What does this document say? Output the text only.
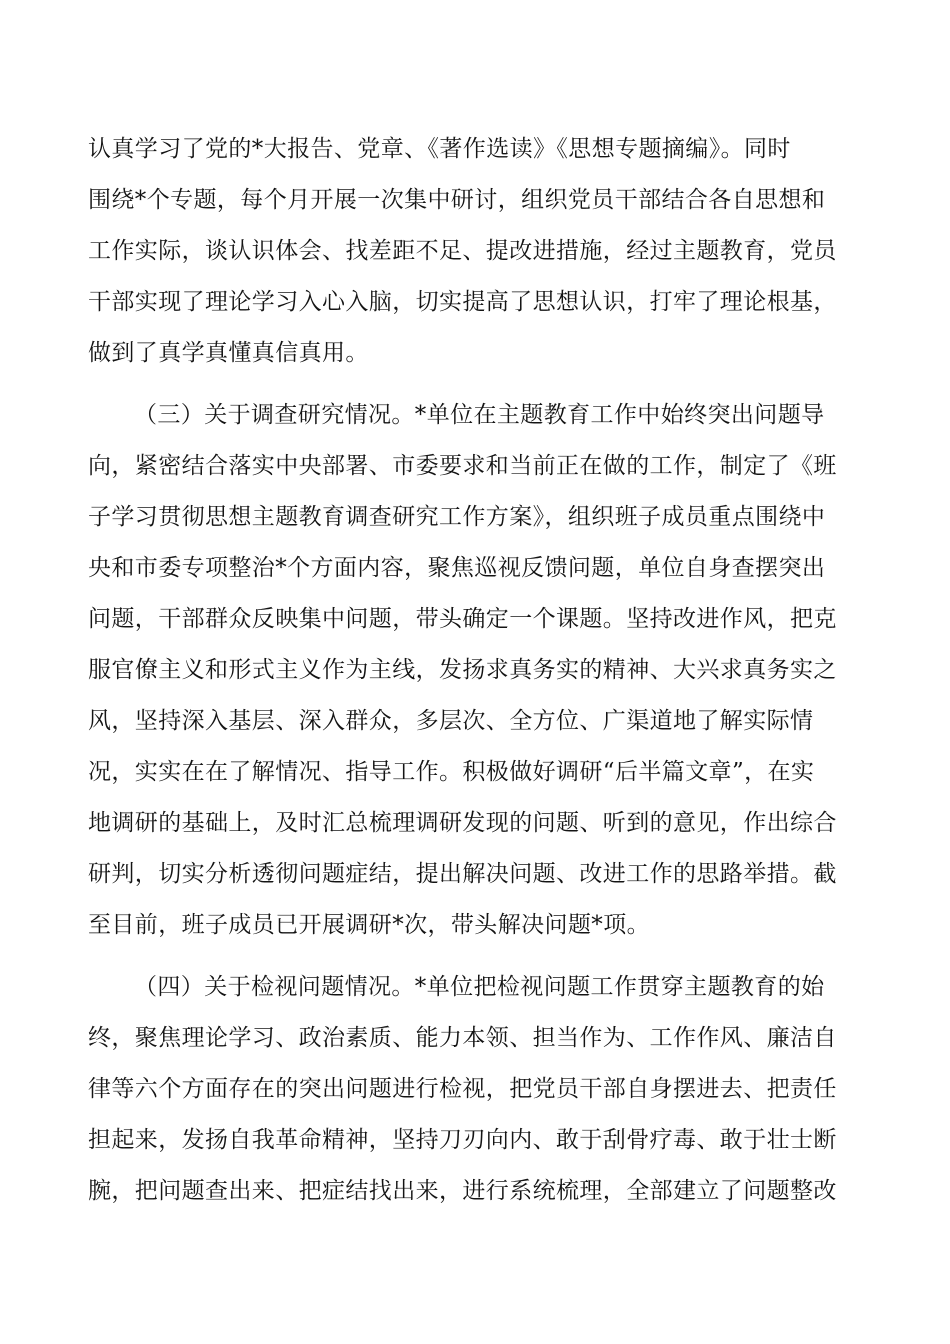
认真学习了党的*大报告、党章、《著作选读》《思想专题摘编》。同时
围绕*个专题，每个月开展一次集中研讨，组织党员干部结合各自思想和
工作实际，谈认识体会、找差距不足、提改进措施，经过主题教育，党员
干部实现了理论学习入心入脑，切实提高了思想认识，打牢了理论根基，
做到了真学真懂真信真用。
（三）关于调查研究情况。*单位在主题教育工作中始终突出问题导
向，紧密结合落实中央部署、市委要求和当前正在做的工作，制定了《班
子学习贯彻思想主题教育调查研究工作方案》，组织班子成员重点围绕中
央和市委专项整治*个方面内容，聚焦巡视反馈问题，单位自身查摆突出
问题，干部群众反映集中问题，带头确定一个课题。坚持改进作风，把克
服官僚主义和形式主义作为主线，发扬求真务实的精神、大兴求真务实之
风，坚持深入基层、深入群众，多层次、全方位、广渠道地了解实际情
况，实实在在了解情况、指导工作。积极做好调研“后半篇文章”，在实
地调研的基础上，及时汇总梳理调研发现的问题、听到的意见，作出综合
研判，切实分析透彻问题症结，提出解决问题、改进工作的思路举措。截
至目前，班子成员已开展调研*次，带头解决问题*项。
（四）关于检视问题情况。*单位把检视问题工作贯穿主题教育的始
终，聚焦理论学习、政治素质、能力本领、担当作为、工作作风、廉洁自
律等六个方面存在的突出问题进行检视，把党员干部自身摆进去、把责任
担起来，发扬自我革命精神，坚持刀刃向内、敢于刮骨疗毒、敢于壮士断
腕，把问题查出来、把症结找出来，进行系统梳理，全部建立了问题整改
